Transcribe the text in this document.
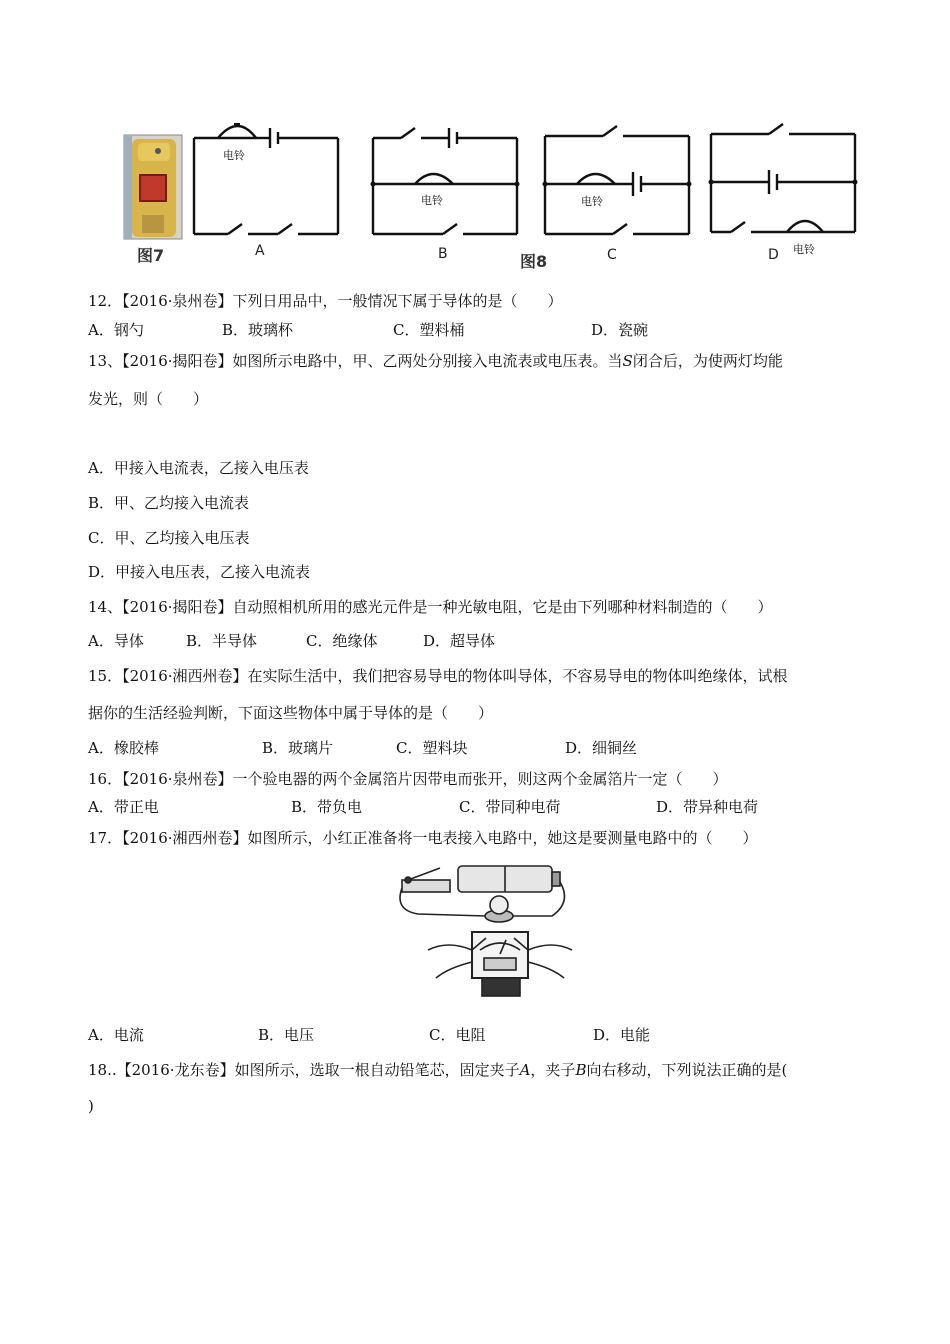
图7
电铃
A
电铃
B	图8
电铃
C	电铃
D
12．【2016·泉州卷】下列日用品中，一般情况下属于导体的是（　　）
A．钢勺	B．玻璃杯	C．塑料桶	D．瓷碗
13、【2016·揭阳卷】如图所示电路中，甲、乙两处分别接入电流表或电压表。当S闭合后，为使两灯均能
发光，则（　　）
A．甲接入电流表，乙接入电压表
B．甲、乙均接入电流表
C．甲、乙均接入电压表
D．甲接入电压表，乙接入电流表
14、【2016·揭阳卷】自动照相机所用的感光元件是一种光敏电阻，它是由下列哪种材料制造的（　　）
A．导体	B．半导体	C．绝缘体	D．超导体
15．【2016·湘西州卷】在实际生活中，我们把容易导电的物体叫导体，不容易导电的物体叫绝缘体，试根
据你的生活经验判断，下面这些物体中属于导体的是（　　）
A．橡胶棒	B．玻璃片	C．塑料块	D．细铜丝
16．【2016·泉州卷】一个验电器的两个金属箔片因带电而张开，则这两个金属箔片一定（　　）
A．带正电	B．带负电	C．带同种电荷	D．带异种电荷
17．【2016·湘西州卷】如图所示，小红正准备将一电表接入电路中，她这是要测量电路中的（　　）
A．电流	B．电压	C．电阻	D．电能
18..【2016·龙东卷】如图所示，选取一根自动铅笔芯，固定夹子A，夹子B向右移动，下列说法正确的是(
)
